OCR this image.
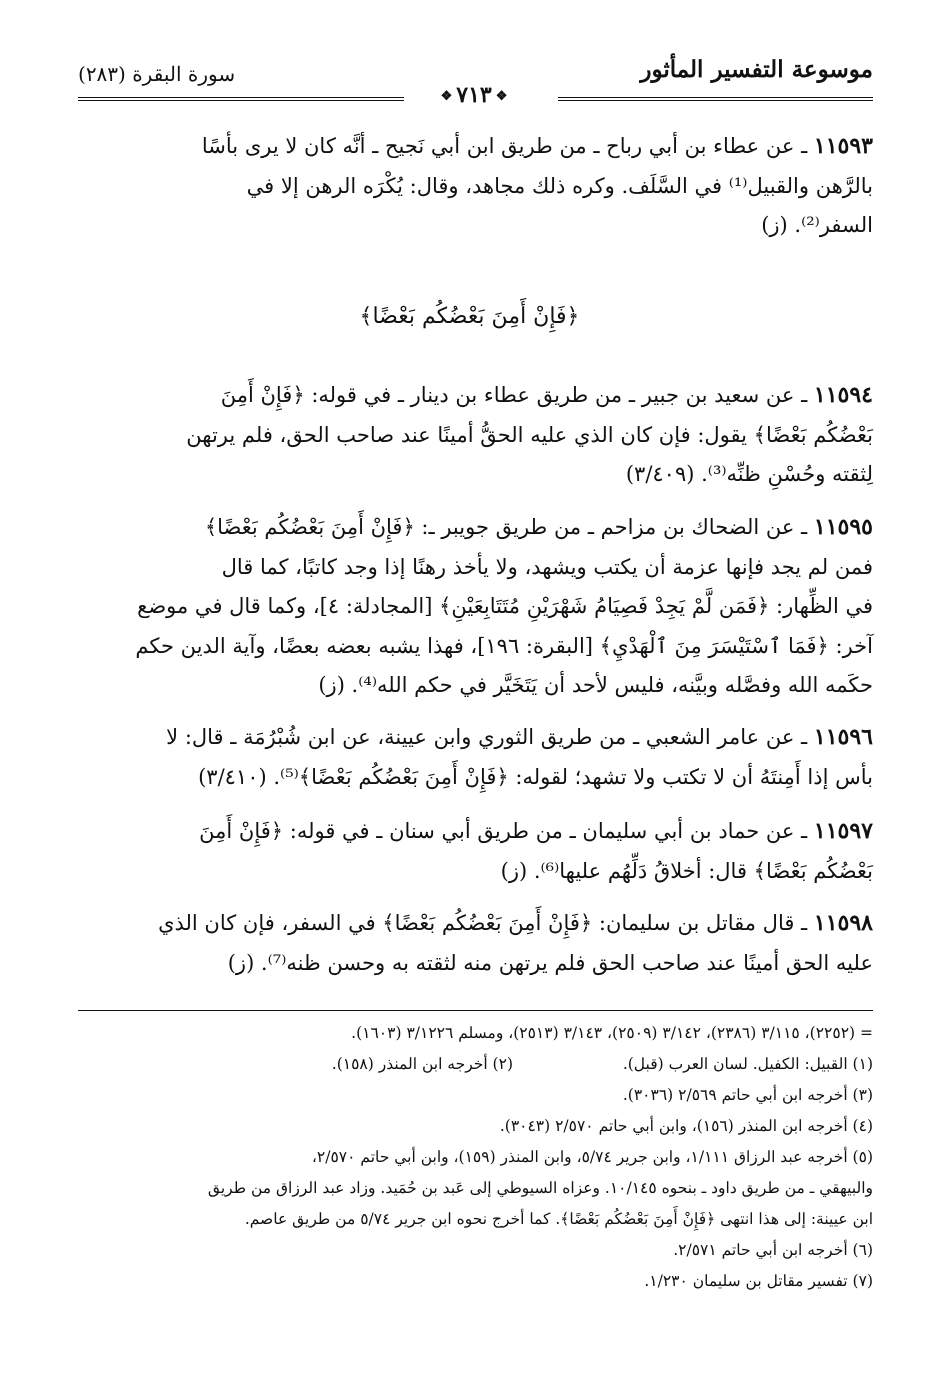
موسوعة التفسير المأثور
سورة البقرة (٢٨٣)
❖٧١٣❖
١١٥٩٣ ـ عن عطاء بن أبي رباح ـ من طريق ابن أبي نَجيح ـ أنَّه كان لا يرى بأسًا
بالرَّهن والقبيل⁽¹⁾ في السَّلَف. وكره ذلك مجاهد، وقال: يُكْرَه الرهن إلا في
السفر⁽²⁾. (ز)
﴿فَإِنْ أَمِنَ بَعْضُكُم بَعْضًا﴾
١١٥٩٤ ـ عن سعيد بن جبير ـ من طريق عطاء بن دينار ـ في قوله: ﴿فَإِنْ أَمِنَ
بَعْضُكُم بَعْضًا﴾ يقول: فإن كان الذي عليه الحقُّ أمينًا عند صاحب الحق، فلم يرتهن
لِثقته وحُسْنِ ظنِّه⁽³⁾. (٣/٤٠٩)
١١٥٩٥ ـ عن الضحاك بن مزاحم ـ من طريق جويبر ـ: ﴿فَإِنْ أَمِنَ بَعْضُكُم بَعْضًا﴾
فمن لم يجد فإنها عزمة أن يكتب ويشهد، ولا يأخذ رهنًا إذا وجد كاتبًا، كما قال
في الظِّهار: ﴿فَمَن لَّمْ يَجِدْ فَصِيَامُ شَهْرَيْنِ مُتَتَابِعَيْنِ﴾ [المجادلة: ٤]، وكما قال في موضع
آخر: ﴿فَمَا ٱسْتَيْسَرَ مِنَ ٱلْهَدْيِ﴾ [البقرة: ١٩٦]، فهذا يشبه بعضه بعضًا، وآية الدين حكم
حكَمه الله وفصَّله وبيَّنه، فليس لأحد أن يَتَخَيَّر في حكم الله⁽⁴⁾. (ز)
١١٥٩٦ ـ عن عامر الشعبي ـ من طريق الثوري وابن عيينة، عن ابن شُبْرُمَة ـ قال: لا
بأس إذا أَمِنتَهُ أن لا تكتب ولا تشهد؛ لقوله: ﴿فَإِنْ أَمِنَ بَعْضُكُم بَعْضًا﴾⁽⁵⁾. (٣/٤١٠)
١١٥٩٧ ـ عن حماد بن أبي سليمان ـ من طريق أبي سنان ـ في قوله: ﴿فَإِنْ أَمِنَ
بَعْضُكُم بَعْضًا﴾ قال: أخلاقُ دَلِّهُم عليها⁽⁶⁾. (ز)
١١٥٩٨ ـ قال مقاتل بن سليمان: ﴿فَإِنْ أَمِنَ بَعْضُكُم بَعْضًا﴾ في السفر، فإن كان الذي
عليه الحق أمينًا عند صاحب الحق فلم يرتهن منه لثقته به وحسن ظنه⁽⁷⁾. (ز)
= (٢٢٥٢)، ٣/١١٥ (٢٣٨٦)، ٣/١٤٢ (٢٥٠٩)، ٣/١٤٣ (٢٥١٣)، ومسلم ٣/١٢٢٦ (١٦٠٣).
(١) القبيل: الكفيل. لسان العرب (قبل).(٢) أخرجه ابن المنذر (١٥٨).
(٣) أخرجه ابن أبي حاتم ٢/٥٦٩ (٣٠٣٦).
(٤) أخرجه ابن المنذر (١٥٦)، وابن أبي حاتم ٢/٥٧٠ (٣٠٤٣).
(٥) أخرجه عبد الرزاق ١/١١١، وابن جرير ٥/٧٤، وابن المنذر (١٥٩)، وابن أبي حاتم ٢/٥٧٠،
والبيهقي ـ من طريق داود ـ بنحوه ١٠/١٤٥. وعزاه السيوطي إلى عَبد بن حُمَيد. وزاد عبد الرزاق من طريق
ابن عيينة: إلى هذا انتهى ﴿فَإِنْ أَمِنَ بَعْضُكُم بَعْضًا﴾. كما أخرج نحوه ابن جرير ٥/٧٤ من طريق عاصم.
(٦) أخرجه ابن أبي حاتم ٢/٥٧١.
(٧) تفسير مقاتل بن سليمان ١/٢٣٠.
